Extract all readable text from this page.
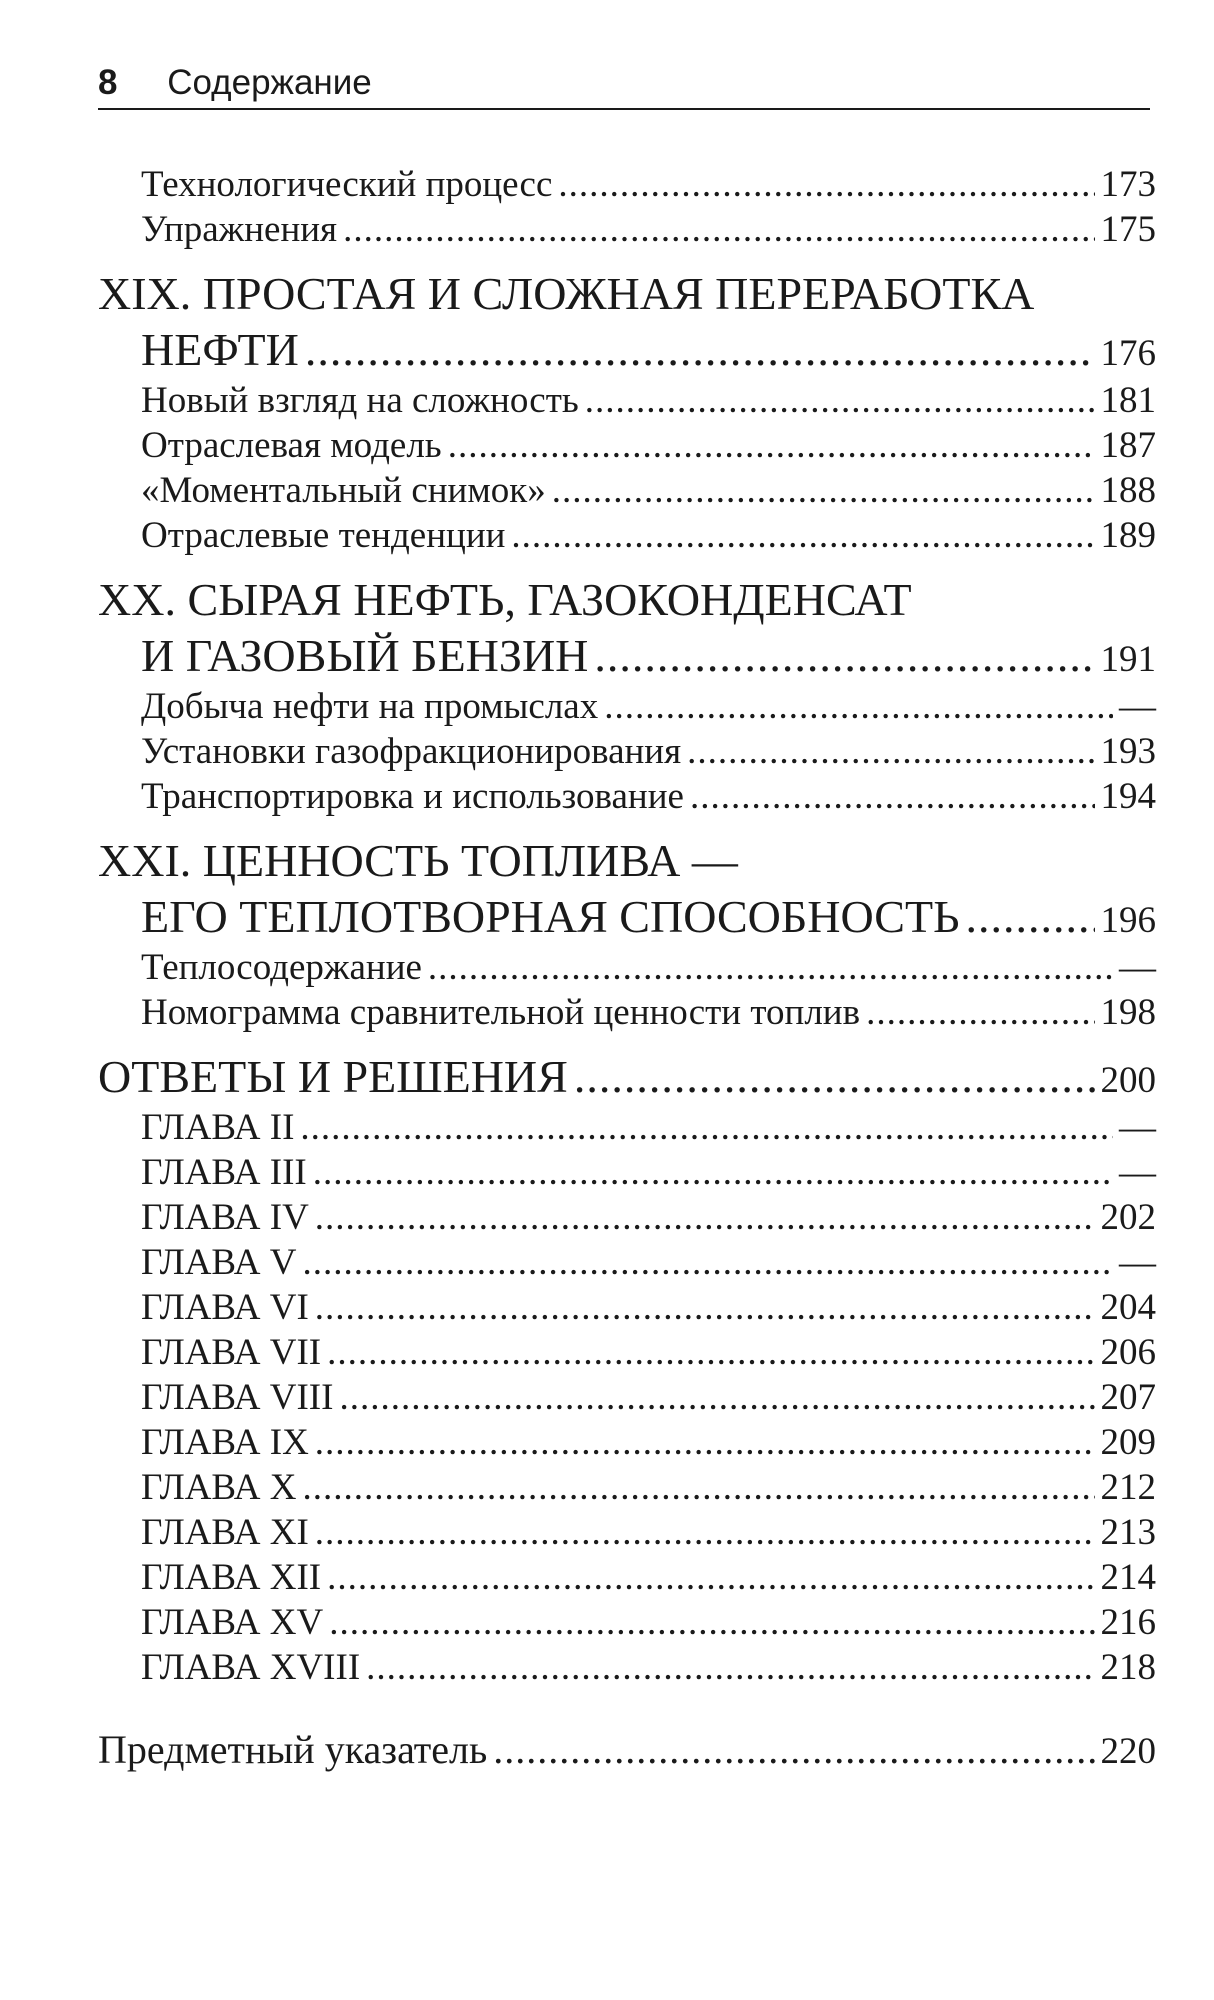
8 Содержание
Технологический процесс .....	173
Упражнения .....	175
XIX. ПРОСТАЯ И СЛОЖНАЯ ПЕРЕРАБОТКА
НЕФТИ .....	176
Новый взгляд на сложность .....	181
Отраслевая модель .....	187
«Моментальный снимок» .....	188
Отраслевые тенденции .....	189
XX. СЫРАЯ НЕФТЬ, ГАЗОКОНДЕНСАТ
И ГАЗОВЫЙ БЕНЗИН .....	191
Добыча нефти на промыслах .....	—
Установки газофракционирования .....	193
Транспортировка и использование .....	194
XXI. ЦЕННОСТЬ ТОПЛИВА —
ЕГО ТЕПЛОТВОРНАЯ СПОСОБНОСТЬ .....	196
Теплосодержание .....	—
Номограмма сравнительной ценности топлив .....	198
ОТВЕТЫ И РЕШЕНИЯ .....	200
ГЛАВА II .....	—
ГЛАВА III .....	—
ГЛАВА IV .....	202
ГЛАВА V .....	—
ГЛАВА VI .....	204
ГЛАВА VII .....	206
ГЛАВА VIII .....	207
ГЛАВА IX .....	209
ГЛАВА X .....	212
ГЛАВА XI .....	213
ГЛАВА XII .....	214
ГЛАВА XV .....	216
ГЛАВА XVIII .....	218
Предметный указатель .....	220
